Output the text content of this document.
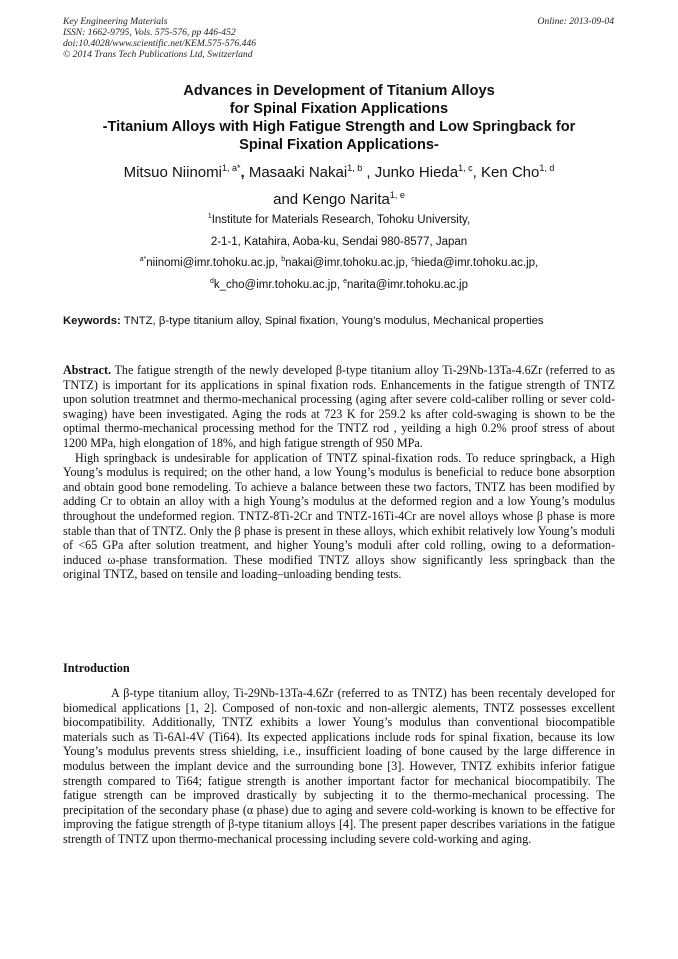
Key Engineering Materials
ISSN: 1662-9795, Vols. 575-576, pp 446-452
doi:10.4028/www.scientific.net/KEM.575-576.446
© 2014 Trans Tech Publications Ltd, Switzerland
Online: 2013-09-04
Advances in Development of Titanium Alloys
for Spinal Fixation Applications
-Titanium Alloys with High Fatigue Strength and Low Springback for
Spinal Fixation Applications-
Mitsuo Niinomi$^{1, a*}$, Masaaki Nakai$^{1, b}$ , Junko Hieda$^{1, c}$, Ken Cho$^{1, d}$
and Kengo Narita$^{1, e}$
$^1$Institute for Materials Research, Tohoku University,
2-1-1, Katahira, Aoba-ku, Sendai 980-8577, Japan
$^{a*}$niinomi@imr.tohoku.ac.jp, $^b$nakai@imr.tohoku.ac.jp, $^c$hieda@imr.tohoku.ac.jp,
$^d$k_cho@imr.tohoku.ac.jp, $^e$narita@imr.tohoku.ac.jp
Keywords: TNTZ, β-type titanium alloy, Spinal fixation, Young’s modulus, Mechanical properties

Abstract. The fatigue strength of the newly developed β-type titanium alloy Ti-29Nb-13Ta-4.6Zr (referred to as TNTZ) is important for its applications in spinal fixation rods. Enhancements in the fatigue strength of TNTZ upon solution treatmnet and thermo-mechanical processing (aging after severe cold-caliber rolling or sever cold-swaging) have been investigated. Aging the rods at 723 K for 259.2 ks after cold-swaging is shown to be the optimal thermo-mechanical processing method for the TNTZ rod , yeilding a high 0.2% proof stress of about 1200 MPa, high elongation of 18%, and high fatigue strength of 950 MPa.

High springback is undesirable for application of TNTZ spinal-fixation rods. To reduce springback, a High Young’s modulus is required; on the other hand, a low Young’s modulus is beneficial to reduce bone absorption and obtain good bone remodeling. To achieve a balance between these two factors, TNTZ has been modified by adding Cr to obtain an alloy with a high Young’s modulus at the deformed region and a low Young’s modulus throughout the undeformed region. TNTZ-8Ti-2Cr and TNTZ-16Ti-4Cr are novel alloys whose β phase is more stable than that of TNTZ. Only the β phase is present in these alloys, which exhibit relatively low Young’s moduli of <65 GPa after solution treatment, and higher Young’s moduli after cold rolling, owing to a deformation-induced ω-phase transformation. These modified TNTZ alloys show significantly less springback than the original TNTZ, based on tensile and loading–unloading bending tests.

Introduction

A β-type titanium alloy, Ti-29Nb-13Ta-4.6Zr (referred to as TNTZ) has been recentaly developed for biomedical applications [1, 2]. Composed of non-toxic and non-allergic alements, TNTZ possesses excellent biocompatibility. Additionally, TNTZ exhibits a lower Young’s modulus than conventional biocompatible materials such as Ti-6Al-4V (Ti64). Its expected applications include rods for spinal fixation, because its low Young’s modulus prevents stress shielding, i.e., insufficient loading of bone caused by the large difference in modulus between the implant device and the surrounding bone [3]. However, TNTZ exhibits inferior fatigue strength compared to Ti64; fatigue strength is another important factor for mechanical biocompatibily. The fatigue strength can be improved drastically by subjecting it to the thermo-mechanical processing. The precipitation of the secondary phase (α phase) due to aging and severe cold-working is known to be effective for improving the fatigue strength of β-type titanium alloys [4]. The present paper describes variations in the fatigue strength of TNTZ upon thermo-mechanical processing including severe cold-working and aging.
